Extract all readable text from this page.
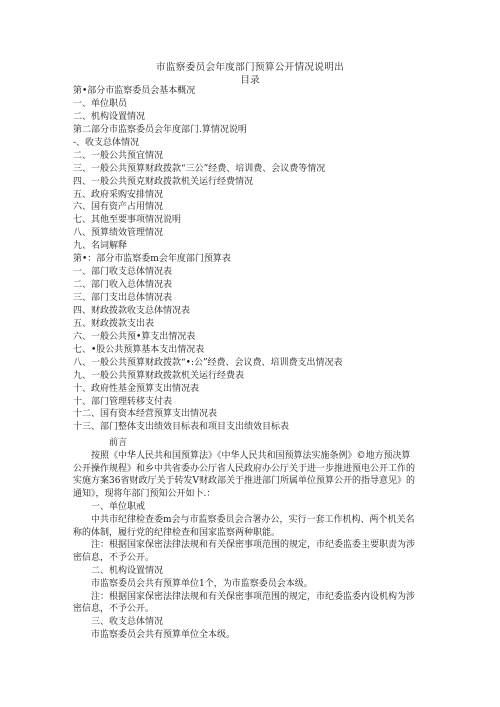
市监察委员会年度部门预算公开情况说明出
目录
第•部分市监察委员会基本概况
一、单位职员
二、机构设置情况
第二部分市监察委员会年度部门.算情况说明
-、收支总体情况
二、一般公共预宜情况
三、一般公共预算财政拨款“三公”经费、培训费、会议费等情况
四、一般公共预克财政拨款机关运行经费情况
五、政府采购安排情况
六、国有资产占用情况
七、其他至要事项情况说明
八、预算绩效管理情况
九、名词解释
第•：部分市监察委m会年度部门预算表
一、部门收支总体情况表
二、部门收入总体情况表
三、部门支出总体情况表
四、财政拨款收支总体情况表
五、财政拨款支出表
六、一般公共预•算支出情况表
七、•股公共预算基本支出情况表
八、一般公共预算财政拨款“•:公”经费、会议费、培训费支出情况表
九、一般公共预算财政拨款机关运行经费表
十、政府性基金预算支出情况表
十、部门管理转移支付表
十二、国有资本经营预算支出情况表
十三、部门整体支出绩效目标表和项目支出绩效目标表
前言
按照《中华人民共和国预算法》《中华人民共和国预算法实施条例》©地方预决算
公开操作规程》和乡中共省委办公厅省人民政府办公厅关于进一步推进预电公开工作的
实施方案36省财政厅关于转发V财政部关于推进部门所属单位预算公开的指导意见》的
通知》，现将年部门预知公开如卜.：
一、单位职戒
中共市纪律检查委m会与市监察委员会合署办公，实行一套工作机构、两个机关名
称的体制，履行党的纪律检查和国家监察两种职能。
注：根据国家保密法律法规和有关保密事项范围的规定，市纪委监委主要职责为涉
密信息，不予公开。
二、机构设置情况
市监察委员会共有预算单位1个，为市监察委员会本级。
注：根据国家保密法律法规和有关保密事项范围的规定，市纪委监委内设机构为涉
密信息，不予公开。
三、收支总体情况
市监察委员会共有预算单位全本级。
